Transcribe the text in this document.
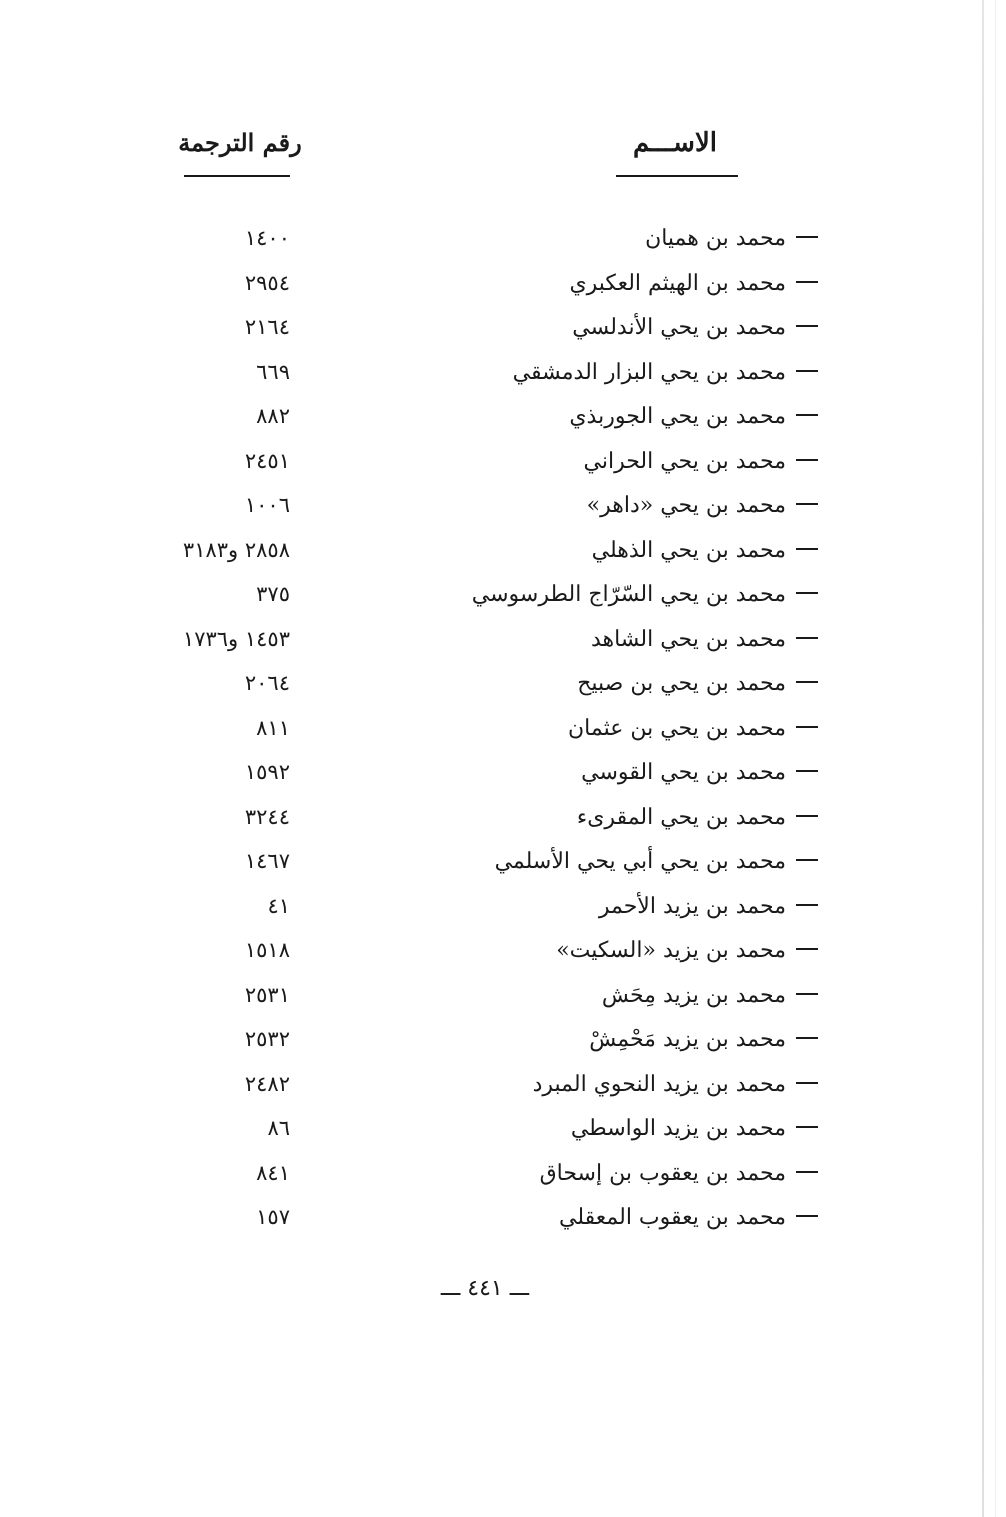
الاســـم
رقم الترجمة
محمد بن هميان
١٤٠٠
محمد بن الهيثم العكبري
٢٩٥٤
محمد بن يحي الأندلسي
٢١٦٤
محمد بن يحي البزار الدمشقي
٦٦٩
محمد بن يحي الجوربذي
٨٨٢
محمد بن يحي الحراني
٢٤٥١
محمد بن يحي «داهر»
١٠٠٦
محمد بن يحي الذهلي
٢٨٥٨ و٣١٨٣
محمد بن يحي السّرّاج الطرسوسي
٣٧٥
محمد بن يحي الشاهد
١٤٥٣ و١٧٣٦
محمد بن يحي بن صبيح
٢٠٦٤
محمد بن يحي بن عثمان
٨١١
محمد بن يحي القوسي
١٥٩٢
محمد بن يحي المقرىء
٣٢٤٤
محمد بن يحي أبي يحي الأسلمي
١٤٦٧
محمد بن يزيد الأحمر
٤١
محمد بن يزيد «السكيت»
١٥١٨
محمد بن يزيد مِحَش
٢٥٣١
محمد بن يزيد مَحْمِشْ
٢٥٣٢
محمد بن يزيد النحوي المبرد
٢٤٨٢
محمد بن يزيد الواسطي
٨٦
محمد بن يعقوب بن إسحاق
٨٤١
محمد بن يعقوب المعقلي
١٥٧
ـــ ٤٤١ ـــ
